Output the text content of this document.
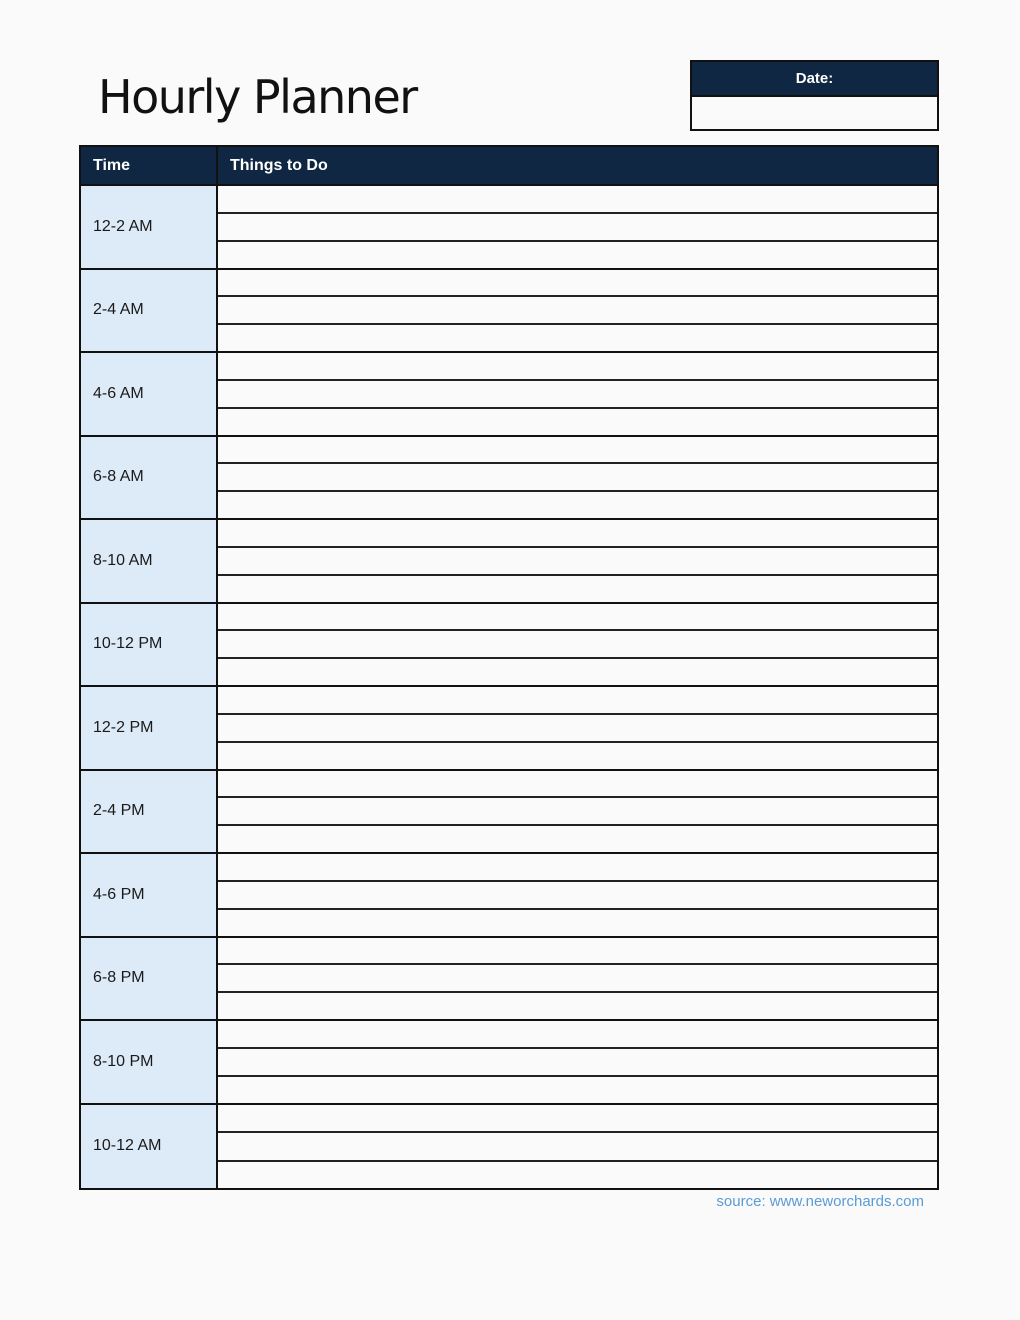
Hourly Planner	Date:
Time	Things to Do
12-2 AM
2-4 AM
4-6 AM
6-8 AM
8-10 AM
10-12 PM
12-2 PM
2-4 PM
4-6 PM
6-8 PM
8-10 PM
10-12 AM
source: www.neworchards.com
